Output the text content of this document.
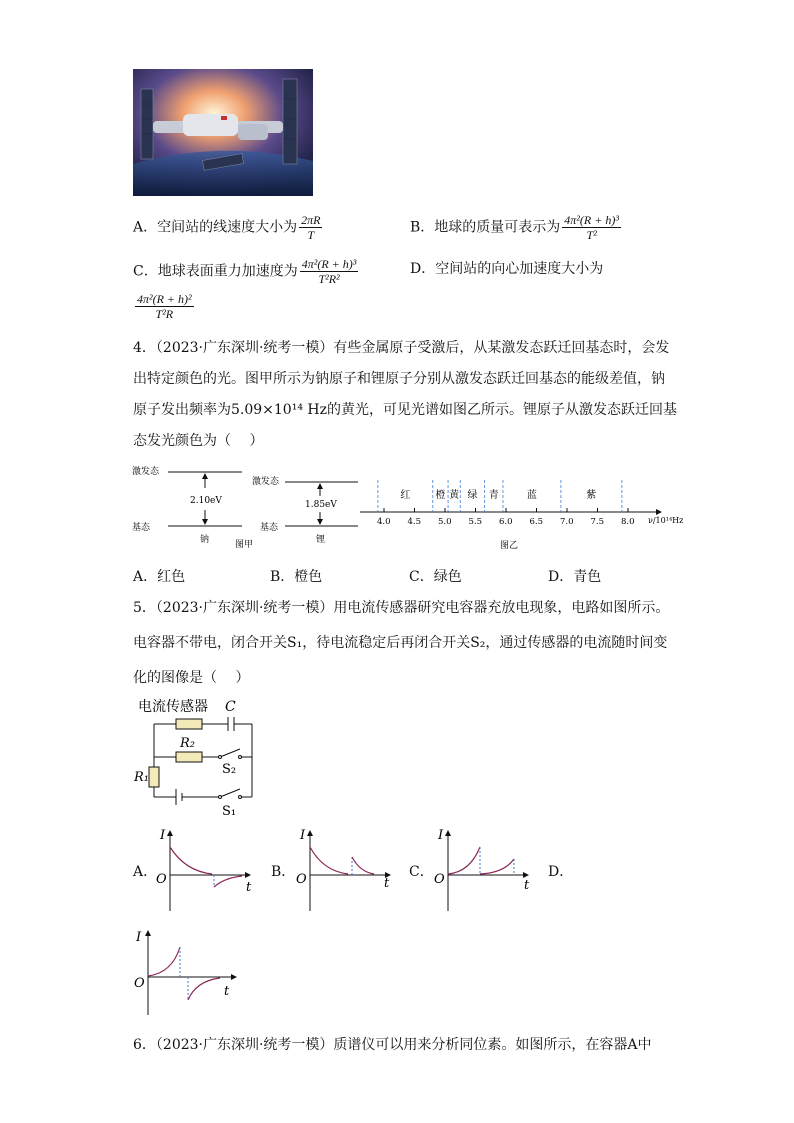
A．空间站的线速度大小为 $\frac{2\pi R}{T}$	B．地球的质量可表示为 $\frac{\text{4π²(R + h)³}}{\text{T²}}$
C．地球表面重力加速度为 $\frac{\text{4π²(R + h)³}}{\text{T²R²}}$	D．空间站的向心加速度大小为
$\frac{\text{4π²(R + h)²}}{\text{T²R}}$
4．（2023·广东深圳·统考一模）有些金属原子受激后，从某激发态跃迁回基态时，会发
出特定颜色的光。图甲所示为钠原子和锂原子分别从激发态跃迁回基态的能级差值，钠
原子发出频率为5.09×10¹⁴ Hz的黄光，可见光谱如图乙所示。锂原子从激发态跃迁回基
态发光颜色为（　 ）
激发态
基态
2.10eV
激发态
基态
1.85eV
钠	图甲	锂
4.0 4.5 5.0 5.5 6.0 6.5 7.0 7.5 8.0
红	橙 黄 绿 青	蓝	紫
ν/10¹⁴Hz
图乙
A．红色	B．橙色	C．绿色	D．青色
5．（2023·广东深圳·统考一模）用电流传感器研究电容器充放电现象，电路如图所示。
电容器不带电，闭合开关S₁，待电流稳定后再闭合开关S₂，通过传感器的电流随时间变
化的图像是（　 ）
电流传感器 C
R₂
R₁
S₂
S₁
A．
I
O
t
B．
I
O	t
C．
I
O	t
D．
I
O
t
6．（2023·广东深圳·统考一模）质谱仪可以用来分析同位素。如图所示，在容器A中
